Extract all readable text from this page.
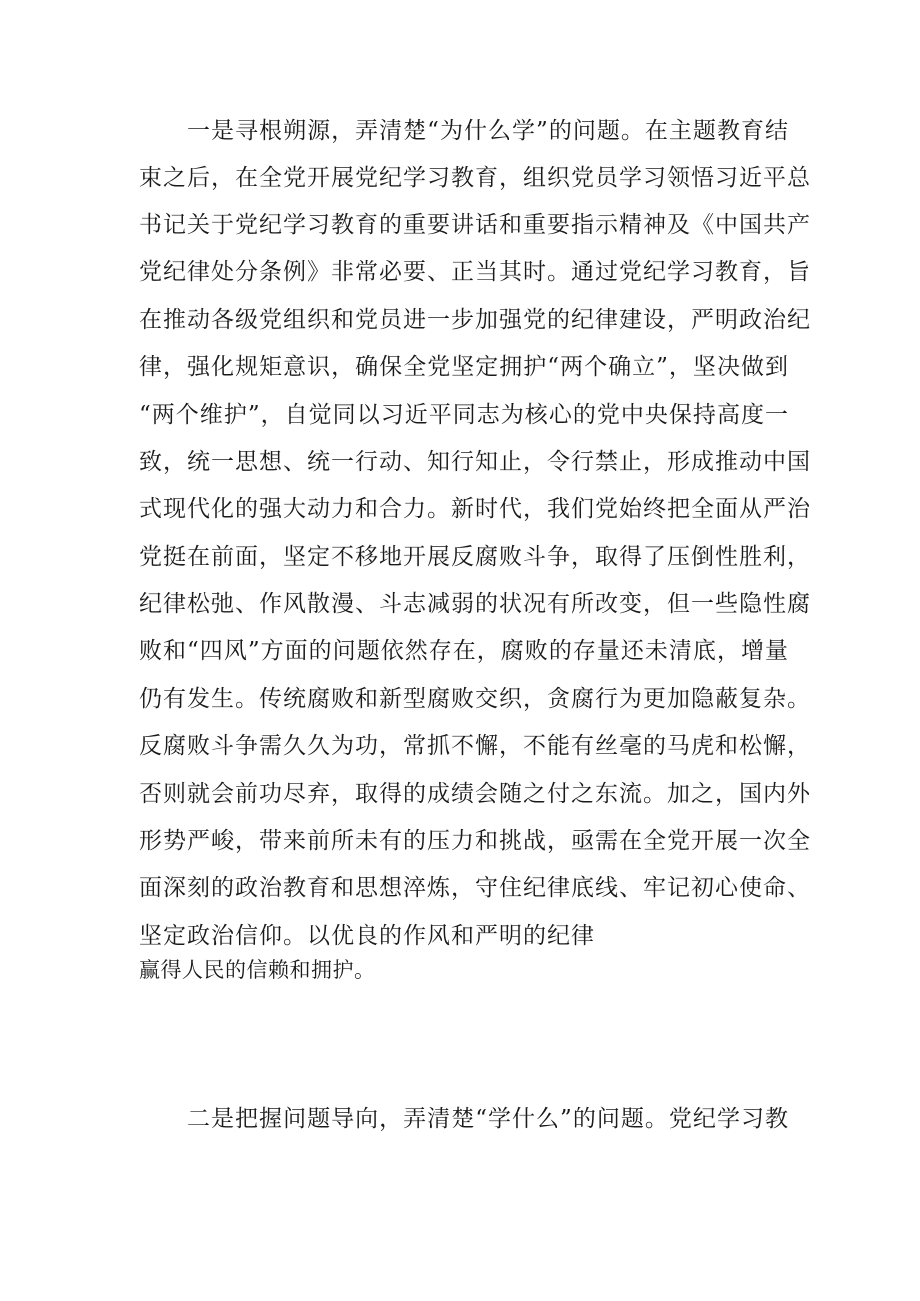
一是寻根朔源，弄清楚“为什么学”的问题。在主题教育结
束之后，在全党开展党纪学习教育，组织党员学习领悟习近平总
书记关于党纪学习教育的重要讲话和重要指示精神及《中国共产
党纪律处分条例》非常必要、正当其时。通过党纪学习教育，旨
在推动各级党组织和党员进一步加强党的纪律建设，严明政治纪
律，强化规矩意识，确保全党坚定拥护“两个确立”，坚决做到
“两个维护”，自觉同以习近平同志为核心的党中央保持高度一
致，统一思想、统一行动、知行知止，令行禁止，形成推动中国
式现代化的强大动力和合力。新时代，我们党始终把全面从严治
党挺在前面，坚定不移地开展反腐败斗争，取得了压倒性胜利，
纪律松弛、作风散漫、斗志减弱的状况有所改变，但一些隐性腐
败和“四风”方面的问题依然存在，腐败的存量还未清底，增量
仍有发生。传统腐败和新型腐败交织，贪腐行为更加隐蔽复杂。
反腐败斗争需久久为功，常抓不懈，不能有丝毫的马虎和松懈，
否则就会前功尽弃，取得的成绩会随之付之东流。加之，国内外
形势严峻，带来前所未有的压力和挑战，亟需在全党开展一次全
面深刻的政治教育和思想淬炼，守住纪律底线、牢记初心使命、
坚定政治信仰。以优良的作风和严明的纪律
赢得人民的信赖和拥护。
二是把握问题导向，弄清楚“学什么”的问题。党纪学习教
